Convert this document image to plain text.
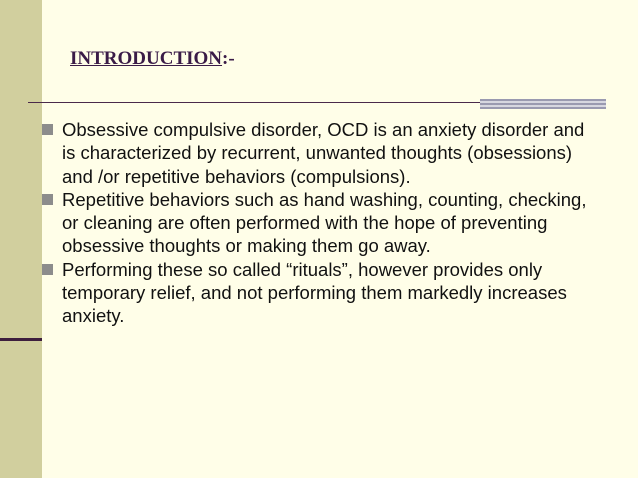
INTRODUCTION:-
Obsessive compulsive disorder, OCD is an anxiety disorder and is characterized by recurrent, unwanted thoughts (obsessions) and /or repetitive behaviors (compulsions).
Repetitive behaviors such as hand washing, counting, checking, or cleaning are often performed with the hope of preventing obsessive thoughts or making them go away.
Performing these so called “rituals”, however provides only temporary relief, and not performing them markedly increases anxiety.
